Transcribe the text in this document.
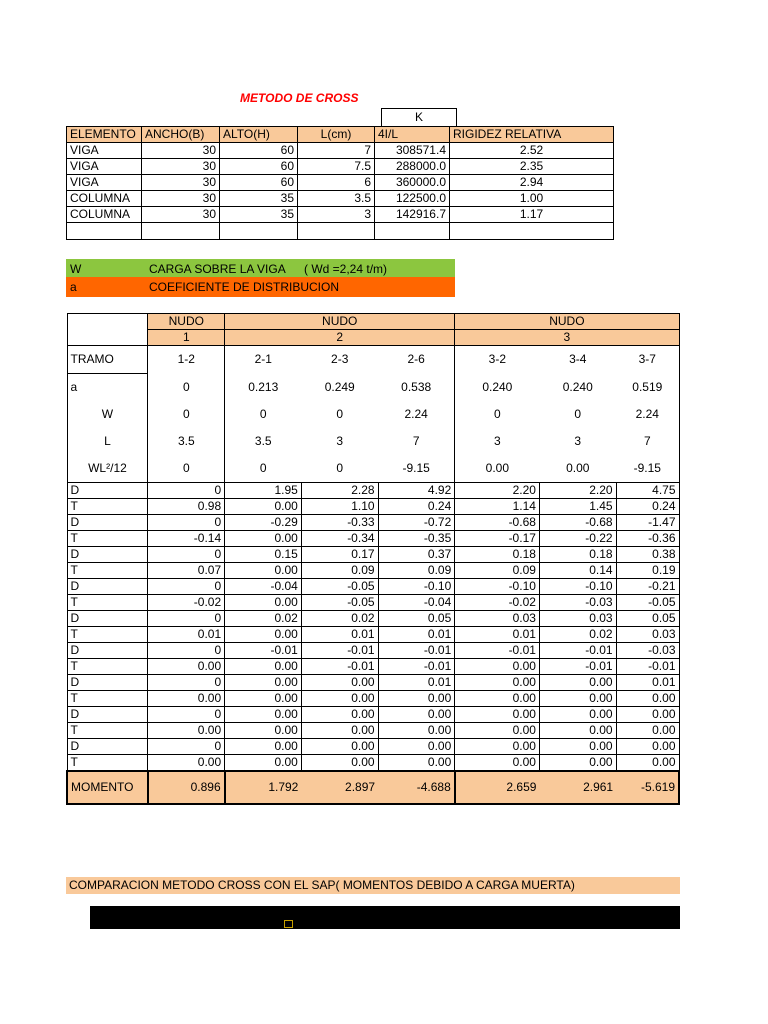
METODO DE CROSS
K
ELEMENTO	ANCHO(B)	ALTO(H)	L(cm)	4I/L	RIGIDEZ RELATIVA
VIGA	30	60	7	308571.4	2.52
VIGA	30	60	7.5	288000.0	2.35
VIGA	30	60	6	360000.0	2.94
COLUMNA	30	35	3.5	122500.0	1.00
COLUMNA	30	35	3	142916.7	1.17

W	CARGA SOBRE LA VIGA ( Wd =2,24 t/m)
a	COEFICIENTE DE DISTRIBUCION
	NUDO	NUDO			NUDO		
	1	2			3		
TRAMO	1-2	2-1	2-3	2-6	3-2	3-4	3-7
a	0	0.213	0.249	0.538	0.240	0.240	0.519
W	0	0	0	2.24	0	0	2.24
L	3.5	3.5	3	7	3	3	7
WL²/12	0	0	0	-9.15	0.00	0.00	-9.15
D	0	1.95	2.28	4.92	2.20	2.20	4.75
T	0.98	0.00	1.10	0.24	1.14	1.45	0.24
D	0	-0.29	-0.33	-0.72	-0.68	-0.68	-1.47
T	-0.14	0.00	-0.34	-0.35	-0.17	-0.22	-0.36
D	0	0.15	0.17	0.37	0.18	0.18	0.38
T	0.07	0.00	0.09	0.09	0.09	0.14	0.19
D	0	-0.04	-0.05	-0.10	-0.10	-0.10	-0.21
T	-0.02	0.00	-0.05	-0.04	-0.02	-0.03	-0.05
D	0	0.02	0.02	0.05	0.03	0.03	0.05
T	0.01	0.00	0.01	0.01	0.01	0.02	0.03
D	0	-0.01	-0.01	-0.01	-0.01	-0.01	-0.03
T	0.00	0.00	-0.01	-0.01	0.00	-0.01	-0.01
D	0	0.00	0.00	0.01	0.00	0.00	0.01
T	0.00	0.00	0.00	0.00	0.00	0.00	0.00
D	0	0.00	0.00	0.00	0.00	0.00	0.00
T	0.00	0.00	0.00	0.00	0.00	0.00	0.00
D	0	0.00	0.00	0.00	0.00	0.00	0.00
T	0.00	0.00	0.00	0.00	0.00	0.00	0.00
MOMENTO	0.896	1.792	2.897	-4.688	2.659	2.961	-5.619
COMPARACION METODO CROSS CON EL SAP( MOMENTOS DEBIDO A CARGA MUERTA)
